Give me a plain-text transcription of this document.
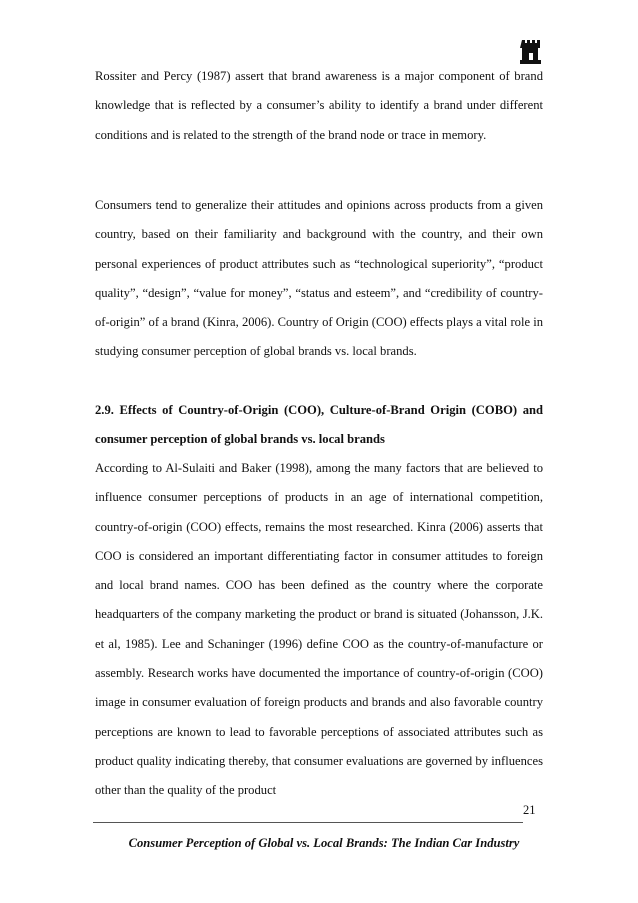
Rossiter and Percy (1987) assert that brand awareness is a major component of brand knowledge that is reflected by a consumer’s ability to identify a brand under different conditions and is related to the strength of the brand node or trace in memory.
Consumers tend to generalize their attitudes and opinions across products from a given country, based on their familiarity and background with the country, and their own personal experiences of product attributes such as “technological superiority”, “product quality”, “design”, “value for money”, “status and esteem”, and “credibility of country-of-origin” of a brand (Kinra, 2006). Country of Origin (COO) effects plays a vital role in studying consumer perception of global brands vs. local brands.
2.9. Effects of Country-of-Origin (COO), Culture-of-Brand Origin (COBO) and consumer perception of global brands vs. local brands
According to Al-Sulaiti and Baker (1998), among the many factors that are believed to influence consumer perceptions of products in an age of international competition, country-of-origin (COO) effects, remains the most researched. Kinra (2006) asserts that COO is considered an important differentiating factor in consumer attitudes to foreign and local brand names. COO has been defined as the country where the corporate headquarters of the company marketing the product or brand is situated (Johansson, J.K. et al, 1985). Lee and Schaninger (1996) define COO as the country-of-manufacture or assembly. Research works have documented the importance of country-of-origin (COO) image in consumer evaluation of foreign products and brands and also favorable country perceptions are known to lead to favorable perceptions of associated attributes such as product quality indicating thereby, that consumer evaluations are governed by influences other than the quality of the product
21
Consumer Perception of Global vs. Local Brands: The Indian Car Industry
